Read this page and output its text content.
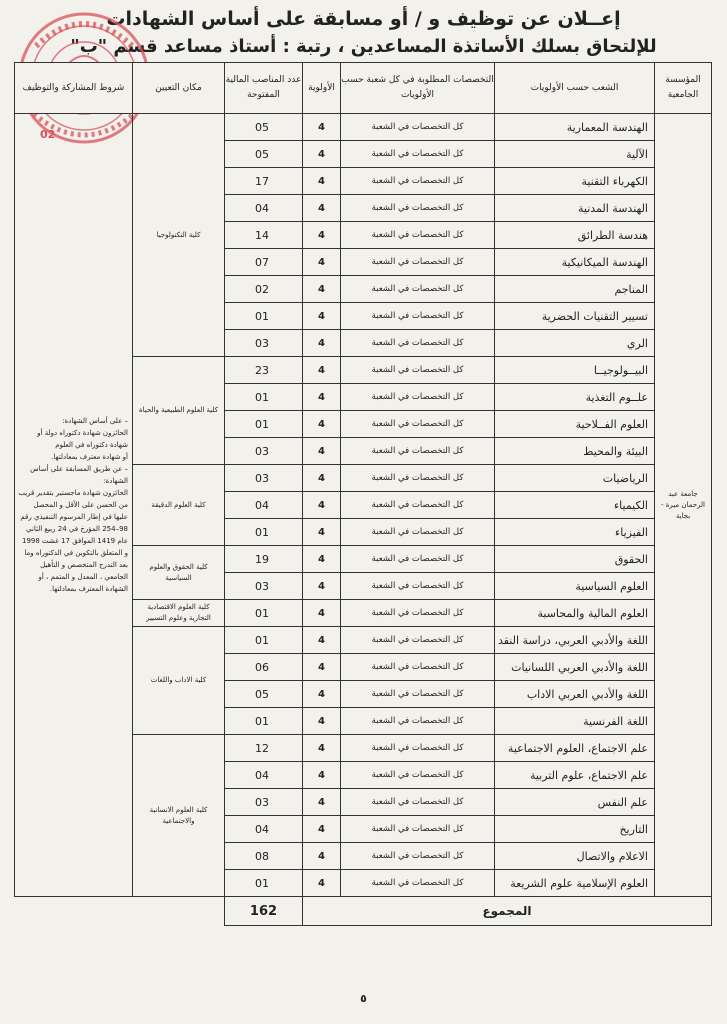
إعــلان عن توظيف و / أو مسابقة على أساس الشهادات
للإلتحاق بسلك الأساتذة المساعدين ، رتبة : أستاذ مساعد قسم "ب"
02
شروط المشاركة والتوظيف	مكان التعيين	عدد المناصب المالية المفتوحة	الأولوية	التخصصات المطلوبة في كل شعبة حسب الأولويات	الشعب حسب الأولويات	المؤسسة الجامعية

– على أساس الشهادة:

الحائزون شهادة دكتوراه دولة أو شهادة دكتوراه في العلوم

أو شهادة معترف بمعادلتها.

– عن طريق المسابقة على أساس الشهادة:

الحائزون شهادة ماجستير بتقدير قريب من الحسن على الأقل و المحصل عليها في إطار المرسوم التنفيذي رقم 98–254 المؤرخ في 24 ربيع الثاني عام 1419 الموافق 17 غشت 1998 و المتعلق بالتكوين في الدكتوراه وما بعد التدرج المتخصص و التأهيل الجامعي ، المعدل و المتمم ، أو الشهادة المعترف بمعادلتها.	كلية التكنولوجيا	05	4	كل التخصصات في الشعبة	الهندسة المعمارية	جامعة عبد الرحمان ميرة - بجاية
		05	4	كل التخصصات في الشعبة	الآلية	
		17	4	كل التخصصات في الشعبة	الكهرباء التقنية	
		04	4	كل التخصصات في الشعبة	الهندسة المدنية	
		14	4	كل التخصصات في الشعبة	هندسة الطرائق	
		07	4	كل التخصصات في الشعبة	الهندسة الميكانيكية	
		02	4	كل التخصصات في الشعبة	المناجم	
		01	4	كل التخصصات في الشعبة	تسيير التقنيات الحضرية	
		03	4	كل التخصصات في الشعبة	الري	
	كلية العلوم الطبيعية والحياة	23	4	كل التخصصات في الشعبة	البيــولوجيــا	
		01	4	كل التخصصات في الشعبة	علــوم التغذية	
		01	4	كل التخصصات في الشعبة	العلوم الفــلاحية	
		03	4	كل التخصصات في الشعبة	البيئة والمحيط	
	كلية العلوم الدقيقة	03	4	كل التخصصات في الشعبة	الرياضيات	
		04	4	كل التخصصات في الشعبة	الكيمياء	
		01	4	كل التخصصات في الشعبة	الفيزياء	
	كلية الحقوق والعلوم السياسية	19	4	كل التخصصات في الشعبة	الحقوق	
		03	4	كل التخصصات في الشعبة	العلوم السياسية	
	كلية العلوم الاقتصادية التجارية وعلوم التسيير	01	4	كل التخصصات في الشعبة	العلوم المالية والمحاسبة	
	كلية الاداب واللغات	01	4	كل التخصصات في الشعبة	اللغة والأدبي العربي، دراسة النقد	
		06	4	كل التخصصات في الشعبة	اللغة والأدبي العربي اللسانيات	
		05	4	كل التخصصات في الشعبة	اللغة والأدبي العربي الاداب	
		01	4	كل التخصصات في الشعبة	اللغة الفرنسية	
	كلية العلوم الانسانية والاجتماعية	12	4	كل التخصصات في الشعبة	علم الاجتماع، العلوم الاجتماعية	
		04	4	كل التخصصات في الشعبة	علم الاجتماع، علوم التربية	
		03	4	كل التخصصات في الشعبة	علم النفس	
		04	4	كل التخصصات في الشعبة	التاريخ	
		08	4	كل التخصصات في الشعبة	الاعلام والاتصال	
		01	4	كل التخصصات في الشعبة	العلوم الإسلامية علوم الشريعة	
		162	المجموع			
٥
